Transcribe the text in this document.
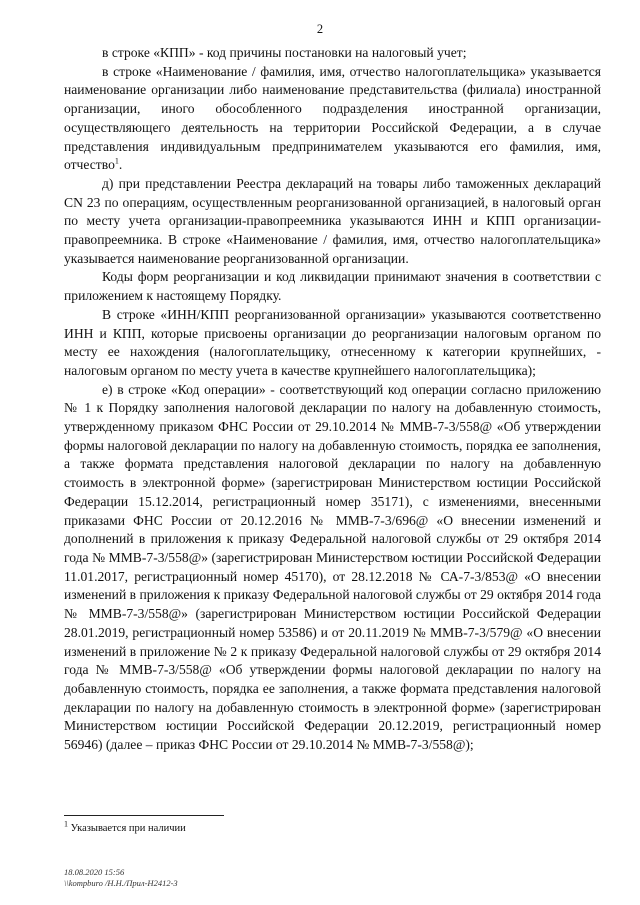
2

в строке «КПП» - код причины постановки на налоговый учет;

в строке «Наименование / фамилия, имя, отчество налогоплательщика» указывается наименование организации либо наименование представительства (филиала) иностранной организации, иного обособленного подразделения иностранной организации, осуществляющего деятельность на территории Российской Федерации, а в случае представления индивидуальным предпринимателем указываются его фамилия, имя, отчество$^1$.

д) при представлении Реестра деклараций на товары либо таможенных деклараций CN 23 по операциям, осуществленным реорганизованной организацией, в налоговый орган по месту учета организации-правопреемника указываются ИНН и КПП организации-правопреемника. В строке «Наименование / фамилия, имя, отчество налогоплательщика» указывается наименование реорганизованной организации.

Коды форм реорганизации и код ликвидации принимают значения в соответствии с приложением к настоящему Порядку.

В строке «ИНН/КПП реорганизованной организации» указываются соответственно ИНН и КПП, которые присвоены организации до реорганизации налоговым органом по месту ее нахождения (налогоплательщику, отнесенному к категории крупнейших, - налоговым органом по месту учета в качестве крупнейшего налогоплательщика);

е) в строке «Код операции» - соответствующий код операции согласно приложению № 1 к Порядку заполнения налоговой декларации по налогу на добавленную стоимость, утвержденному приказом ФНС России от 29.10.2014 № ММВ-7-3/558@ «Об утверждении формы налоговой декларации по налогу на добавленную стоимость, порядка ее заполнения, а также формата представления налоговой декларации по налогу на добавленную стоимость в электронной форме» (зарегистрирован Министерством юстиции Российской Федерации 15.12.2014, регистрационный номер 35171), с изменениями, внесенными приказами ФНС России от 20.12.2016 № ММВ-7-3/696@ «О внесении изменений и дополнений в приложения к приказу Федеральной налоговой службы от 29 октября 2014 года № ММВ-7-3/558@» (зарегистрирован Министерством юстиции Российской Федерации 11.01.2017, регистрационный номер 45170), от 28.12.2018 № СА-7-3/853@ «О внесении изменений в приложения к приказу Федеральной налоговой службы от 29 октября 2014 года № ММВ-7-3/558@» (зарегистрирован Министерством юстиции Российской Федерации 28.01.2019, регистрационный номер 53586) и от 20.11.2019 № ММВ-7-3/579@ «О внесении изменений в приложение № 2 к приказу Федеральной налоговой службы от 29 октября 2014 года № ММВ-7-3/558@ «Об утверждении формы налоговой декларации по налогу на добавленную стоимость, порядка ее заполнения, а также формата представления налоговой декларации по налогу на добавленную стоимость в электронной форме» (зарегистрирован Министерством юстиции Российской Федерации 20.12.2019, регистрационный номер 56946) (далее – приказ ФНС России от 29.10.2014 № ММВ-7-3/558@);

$^1$ Указывается при наличии
18.08.2020 15:56
\\kompburo /Н.Н./Прил-Н2412-3
